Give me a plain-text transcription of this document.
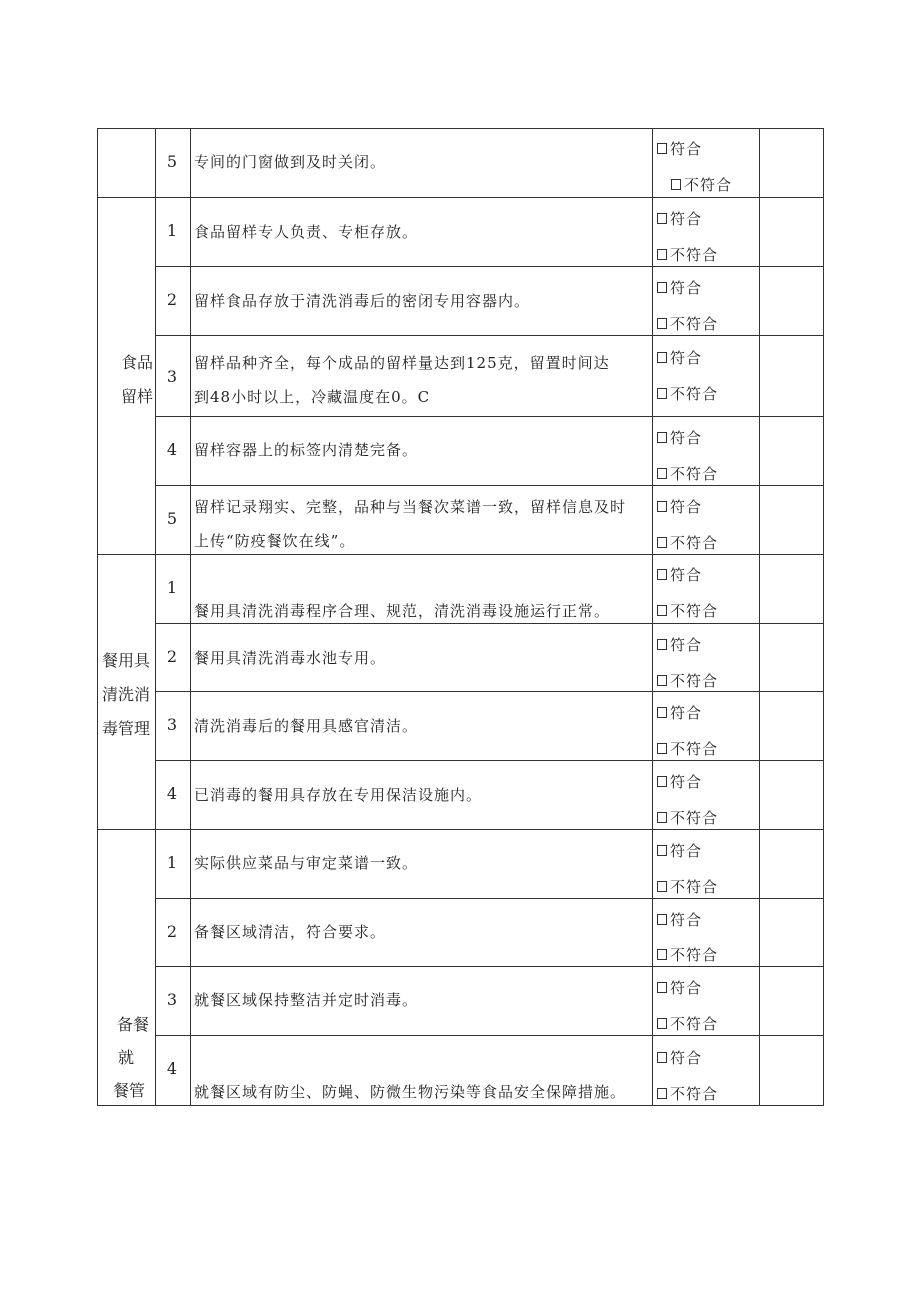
食品
留样
餐用具
清洗消
毒管理
备餐
就
餐管
5 专间的门窗做到及时关闭。
符合
不符合
1 食品留样专人负责、专柜存放。
符合
不符合
2 留样食品存放于清洗消毒后的密闭专用容器内。
符合
不符合
3
留样品种齐全，每个成品的留样量达到125克，留置时间达
到48小时以上，冷藏温度在0。C
符合
不符合
4 留样容器上的标签内清楚完备。
符合
不符合
5
留样记录翔实、完整，品种与当餐次菜谱一致，留样信息及时
上传“防疫餐饮在线”。
符合
不符合
1
餐用具清洗消毒程序合理、规范，清洗消毒设施运行正常。
符合
不符合
2 餐用具清洗消毒水池专用。
符合
不符合
3 清洗消毒后的餐用具感官清洁。
符合
不符合
4 已消毒的餐用具存放在专用保洁设施内。
符合
不符合
1 实际供应菜品与审定菜谱一致。
符合
不符合
2 备餐区域清洁，符合要求。
符合
不符合
3 就餐区域保持整洁并定时消毒。
符合
不符合
4
就餐区域有防尘、防蝇、防微生物污染等食品安全保障措施。
符合
不符合
